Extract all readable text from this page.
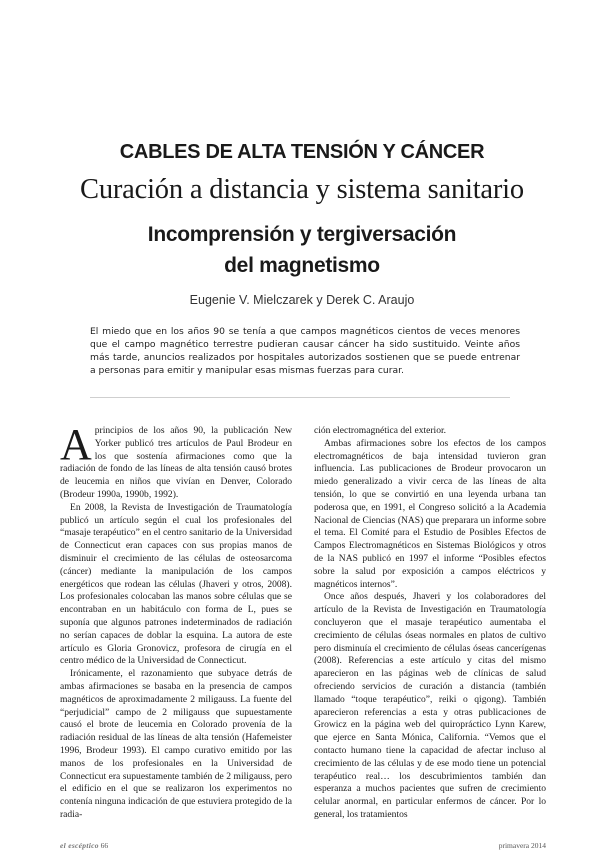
CABLES DE ALTA TENSIÓN Y CÁNCER
Curación a distancia y sistema sanitario
Incomprensión y tergiversación
del magnetismo
Eugenie V. Mielczarek y Derek C. Araujo
El miedo que en los años 90 se tenía a que campos magnéticos cientos de veces menores que el campo magnético terrestre pudieran causar cáncer ha sido sustituido. Veinte años más tarde, anuncios realizados por hospitales autorizados sostienen que se puede entrenar a personas para emitir y manipular esas mismas fuerzas para curar.

A principios de los años 90, la publicación New Yorker publicó tres artículos de Paul Brodeur en los que sostenía afirmaciones como que la radiación de fondo de las líneas de alta tensión causó brotes de leucemia en niños que vivían en Denver, Colorado (Brodeur 1990a, 1990b, 1992).

En 2008, la Revista de Investigación de Traumatología publicó un artículo según el cual los profesionales del “masaje terapéutico” en el centro sanitario de la Universidad de Connecticut eran capaces con sus propias manos de disminuir el crecimiento de las células de osteosarcoma (cáncer) mediante la manipulación de los campos energéticos que rodean las células (Jhaveri y otros, 2008). Los profesionales colocaban las manos sobre células que se encontraban en un habitáculo con forma de L, pues se suponía que algunos patrones indeterminados de radiación no serían capaces de doblar la esquina. La autora de este artículo es Gloria Gronovicz, profesora de cirugía en el centro médico de la Universidad de Connecticut.

Irónicamente, el razonamiento que subyace detrás de ambas afirmaciones se basaba en la presencia de campos magnéticos de aproximadamente 2 miligauss. La fuente del “perjudicial” campo de 2 miligauss que supuestamente causó el brote de leucemia en Colorado provenía de la radiación residual de las líneas de alta tensión (Hafemeister 1996, Brodeur 1993). El campo curativo emitido por las manos de los profesionales en la Universidad de Connecticut era supuestamente también de 2 miligauss, pero el edificio en el que se realizaron los experimentos no contenía ninguna indicación de que estuviera protegido de la radia-

ción electromagnética del exterior.

Ambas afirmaciones sobre los efectos de los campos electromagnéticos de baja intensidad tuvieron gran influencia. Las publicaciones de Brodeur provocaron un miedo generalizado a vivir cerca de las líneas de alta tensión, lo que se convirtió en una leyenda urbana tan poderosa que, en 1991, el Congreso solicitó a la Academia Nacional de Ciencias (NAS) que preparara un informe sobre el tema. El Comité para el Estudio de Posibles Efectos de Campos Electromagnéticos en Sistemas Biológicos y otros de la NAS publicó en 1997 el informe “Posibles efectos sobre la salud por exposición a campos eléctricos y magnéticos internos”.

Once años después, Jhaveri y los colaboradores del artículo de la Revista de Investigación en Traumatología concluyeron que el masaje terapéutico aumentaba el crecimiento de células óseas normales en platos de cultivo pero disminuía el crecimiento de células óseas cancerígenas (2008). Referencias a este artículo y citas del mismo aparecieron en las páginas web de clínicas de salud ofreciendo servicios de curación a distancia (también llamado “toque terapéutico”, reiki o qigong). También aparecieron referencias a esta y otras publicaciones de Growicz en la página web del quiropráctico Lynn Karew, que ejerce en Santa Mónica, California. “Vemos que el contacto humano tiene la capacidad de afectar incluso al crecimiento de las células y de ese modo tiene un potencial terapéutico real… los descubrimientos también dan esperanza a muchos pacientes que sufren de crecimiento celular anormal, en particular enfermos de cáncer. Por lo general, los tratamientos

el escéptico 66	primavera 2014
